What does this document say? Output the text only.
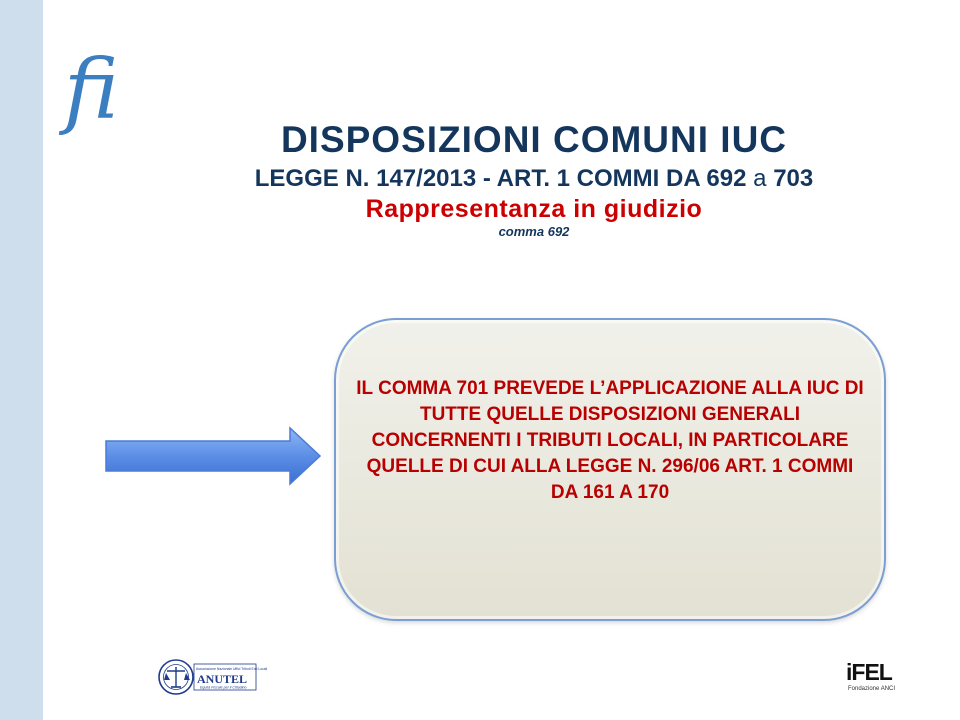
fi
DISPOSIZIONI COMUNI IUC
LEGGE N. 147/2013 - ART. 1 COMMI DA 692 a 703
Rappresentanza in giudizio
comma 692
IL COMMA 701 PREVEDE L’APPLICAZIONE ALLA IUC DI TUTTE QUELLE DISPOSIZIONI GENERALI CONCERNENTI I TRIBUTI LOCALI, IN PARTICOLARE QUELLE DI CUI ALLA LEGGE N. 296/06 ART. 1 COMMI DA 161 A 170
Associazione Nazionale Uffici Tributi Enti Locali
ANUTEL
Equità Fiscale per il Cittadino
iFEL
Fondazione ANCI
